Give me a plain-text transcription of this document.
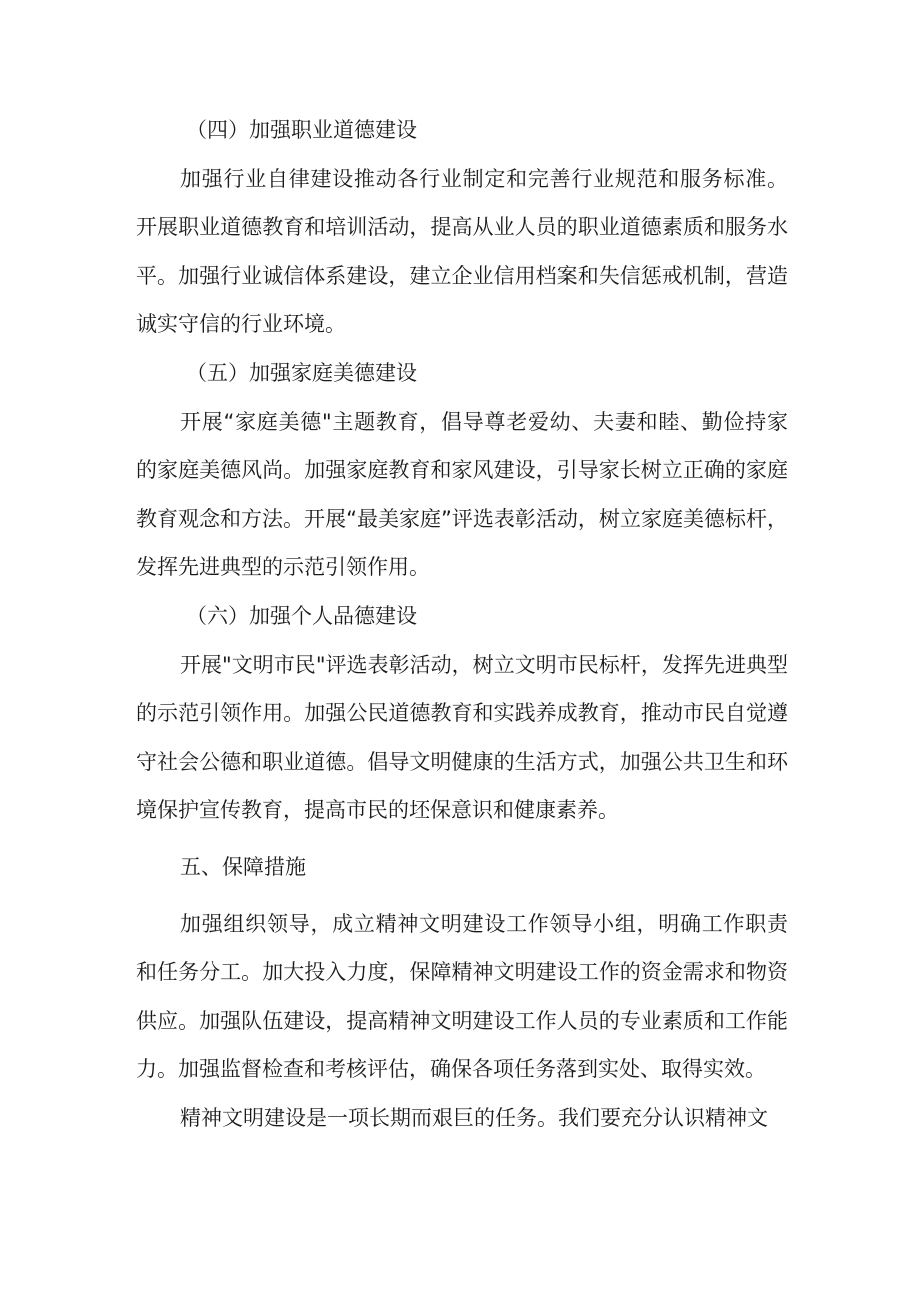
（四）加强职业道德建设

加强行业自律建设推动各行业制定和完善行业规范和服务标准。开展职业道德教育和培训活动，提高从业人员的职业道德素质和服务水平。加强行业诚信体系建设，建立企业信用档案和失信惩戒机制，营造诚实守信的行业环境。

（五）加强家庭美德建设

开展“家庭美德"主题教育，倡导尊老爱幼、夫妻和睦、勤俭持家的家庭美德风尚。加强家庭教育和家风建设，引导家长树立正确的家庭教育观念和方法。开展“最美家庭”评选表彰活动，树立家庭美德标杆，发挥先进典型的示范引领作用。

（六）加强个人品德建设

开展"文明市民"评选表彰活动，树立文明市民标杆，发挥先进典型的示范引领作用。加强公民道德教育和实践养成教育，推动市民自觉遵守社会公德和职业道德。倡导文明健康的生活方式，加强公共卫生和环境保护宣传教育，提高市民的坯保意识和健康素养。

五、保障措施

加强组织领导，成立精神文明建设工作领导小组，明确工作职责和任务分工。加大投入力度，保障精神文明建设工作的资金需求和物资供应。加强队伍建设，提高精神文明建设工作人员的专业素质和工作能力。加强监督检查和考核评估，确保各项任务落到实处、取得实效。

精神文明建设是一项长期而艰巨的任务。我们要充分认识精神文
